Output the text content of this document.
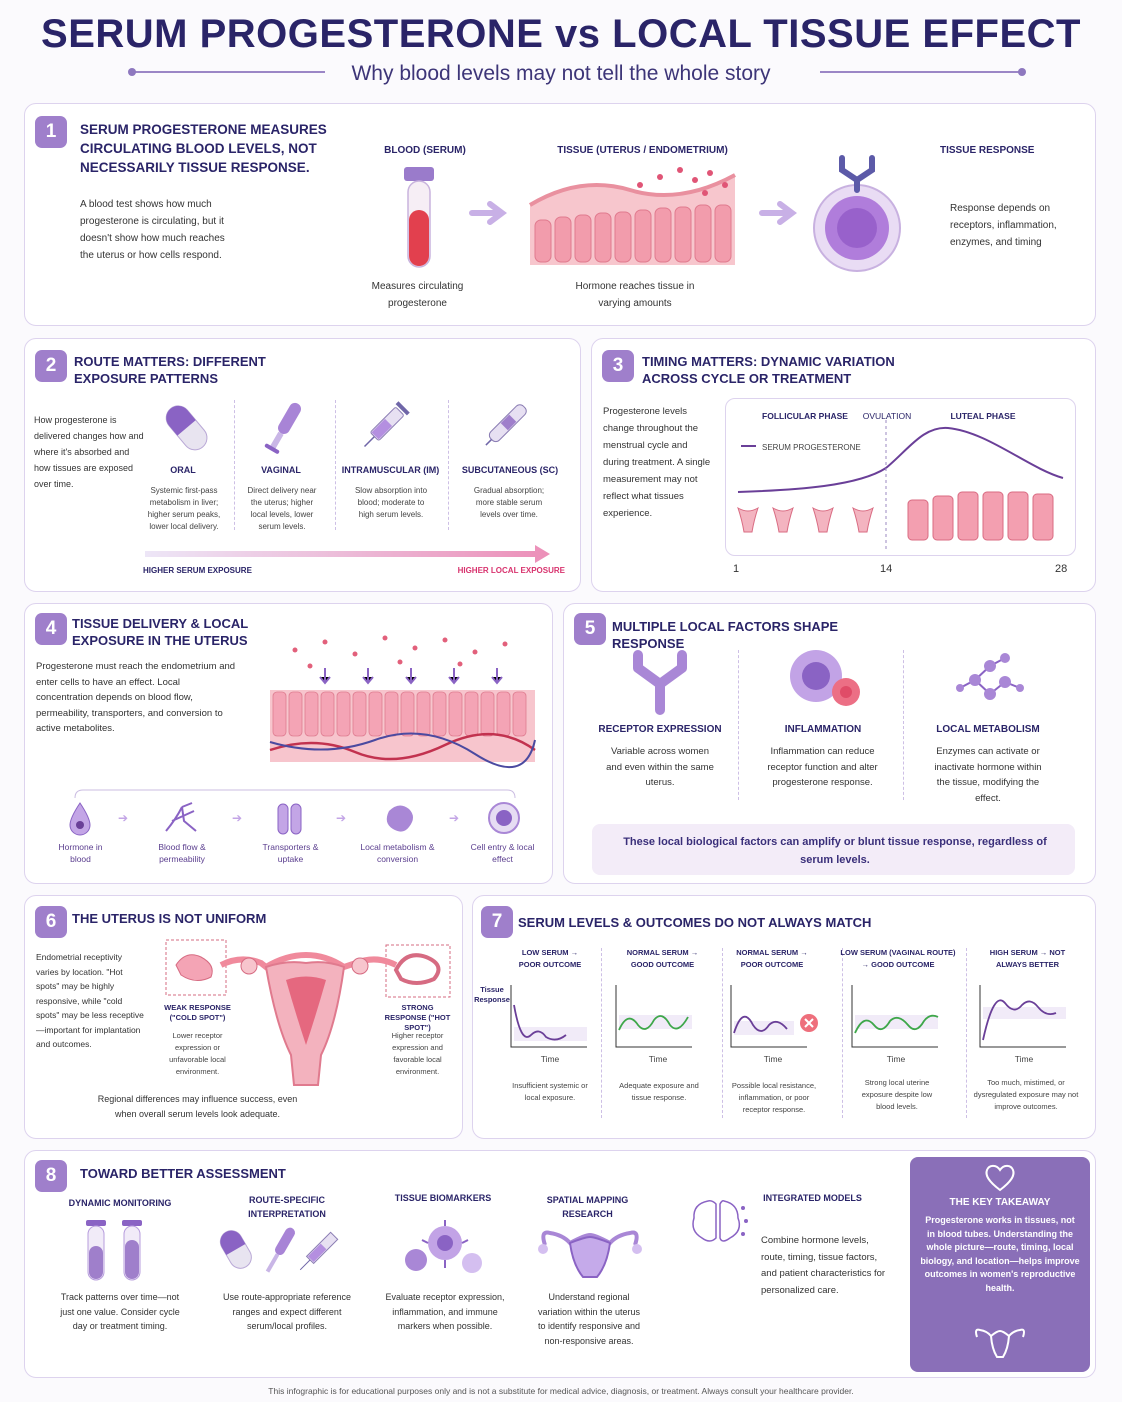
SERUM PROGESTERONE vs LOCAL TISSUE EFFECT
Why blood levels may not tell the whole story
1	SERUM PROGESTERONE MEASURES CIRCULATING BLOOD LEVELS, NOT NECESSARILY TISSUE RESPONSE.
A blood test shows how much progesterone is circulating, but it doesn't show how much reaches the uterus or how cells respond.
BLOOD (SERUM)
Measures circulating progesterone
TISSUE (UTERUS / ENDOMETRIUM)
Hormone reaches tissue in varying amounts
TISSUE RESPONSE
Response depends on receptors, inflammation, enzymes, and timing
2	ROUTE MATTERS: DIFFERENT EXPOSURE PATTERNS
How progesterone is delivered changes how and where it's absorbed and how tissues are exposed over time.
ORAL	VAGINAL	INTRAMUSCULAR (IM)	SUBCUTANEOUS (SC)
Systemic first-pass metabolism in liver; higher serum peaks, lower local delivery.
Direct delivery near the uterus; higher local levels, lower serum levels.
Slow absorption into blood; moderate to high serum levels.
Gradual absorption; more stable serum levels over time.
HIGHER SERUM EXPOSURE	HIGHER LOCAL EXPOSURE
3	TIMING MATTERS: DYNAMIC VARIATION ACROSS CYCLE OR TREATMENT
Progesterone levels change throughout the menstrual cycle and during treatment. A single measurement may not reflect what tissues experience.
FOLLICULAR PHASE	OVULATION	LUTEAL PHASE
SERUM PROGESTERONE
1	14	28
4	TISSUE DELIVERY & LOCAL EXPOSURE IN THE UTERUS
Progesterone must reach the endometrium and enter cells to have an effect. Local concentration depends on blood flow, permeability, transporters, and conversion to active metabolites.
➔	➔	➔	➔
Hormone in blood
Blood flow & permeability
Transporters & uptake
Local metabolism & conversion
Cell entry & local effect
5	MULTIPLE LOCAL FACTORS SHAPE RESPONSE
RECEPTOR EXPRESSION	INFLAMMATION	LOCAL METABOLISM
Variable across women and even within the same uterus.
Inflammation can reduce receptor function and alter progesterone response.
Enzymes can activate or inactivate hormone within the tissue, modifying the effect.
These local biological factors can amplify or blunt tissue response, regardless of serum levels.
6	THE UTERUS IS NOT UNIFORM
Endometrial receptivity varies by location. "Hot spots" may be highly responsive, while "cold spots" may be less receptive—important for implantation and outcomes.
WEAK RESPONSE ("COLD SPOT")
Lower receptor expression or unfavorable local environment.
STRONG RESPONSE ("HOT SPOT")
Higher receptor expression and favorable local environment.
Regional differences may influence success, even when overall serum levels look adequate.
7	SERUM LEVELS & OUTCOMES DO NOT ALWAYS MATCH
Tissue Response
LOW SERUM → POOR OUTCOME
NORMAL SERUM → GOOD OUTCOME
NORMAL SERUM → POOR OUTCOME
LOW SERUM (VAGINAL ROUTE) → GOOD OUTCOME
HIGH SERUM → NOT ALWAYS BETTER
Time	Time	Time	Time	Time
Insufficient systemic or local exposure.
Adequate exposure and tissue response.
Possible local resistance, inflammation, or poor receptor response.
Strong local uterine exposure despite low blood levels.
Too much, mistimed, or dysregulated exposure may not improve outcomes.
8	TOWARD BETTER ASSESSMENT
DYNAMIC MONITORING	ROUTE-SPECIFIC INTERPRETATION
TISSUE BIOMARKERS	SPATIAL MAPPING RESEARCH
INTEGRATED MODELS
Track patterns over time—not just one value. Consider cycle day or treatment timing.
Use route-appropriate reference ranges and expect different serum/local profiles.
Evaluate receptor expression, inflammation, and immune markers when possible.
Understand regional variation within the uterus to identify responsive and non-responsive areas.
Combine hormone levels, route, timing, tissue factors, and patient characteristics for personalized care.
THE KEY TAKEAWAY
Progesterone works in tissues, not in blood tubes. Understanding the whole picture—route, timing, local biology, and location—helps improve outcomes in women's reproductive health.
This infographic is for educational purposes only and is not a substitute for medical advice, diagnosis, or treatment. Always consult your healthcare provider.
